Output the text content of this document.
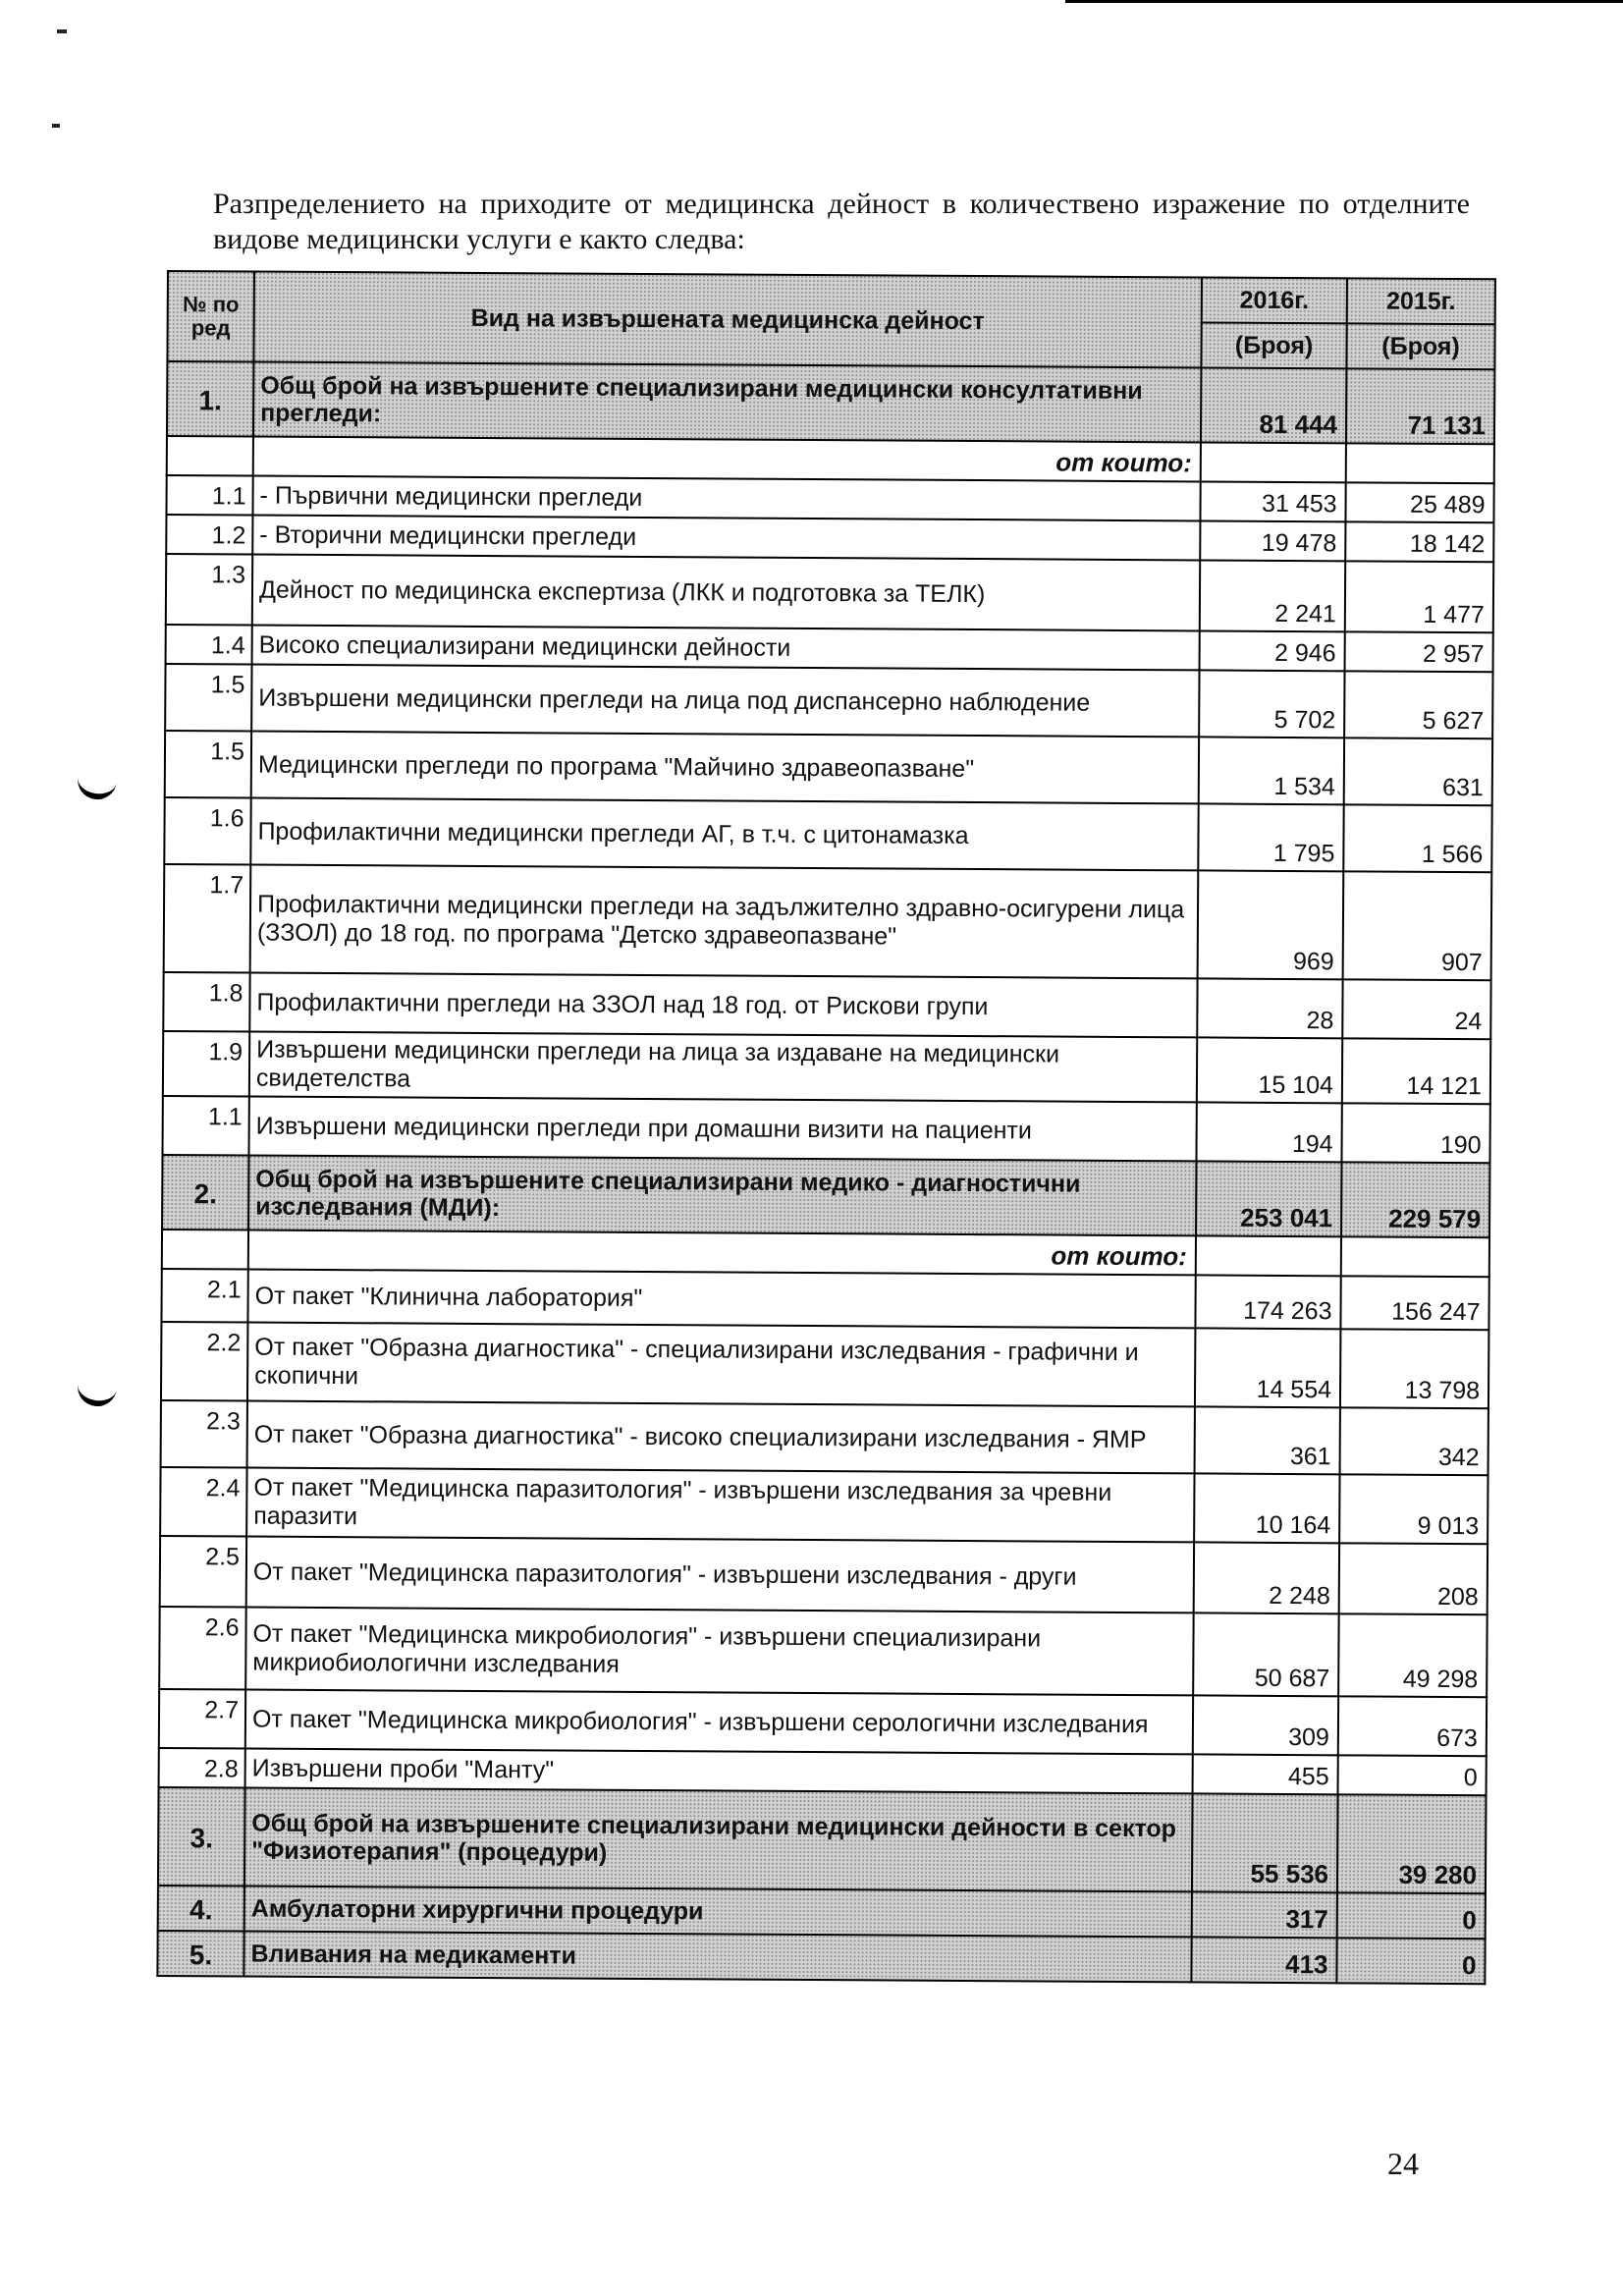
Разпределението на приходите от медицинска дейност в количествено изражение по отделните видове медицински услуги е както следва:

№ по ред	Вид на извършената медицинска дейност	2016г.	2015г.
		(Броя)	(Броя)
1.	Общ брой на извършените специализирани медицински консултативни прегледи:	81 444	71 131
	от които:		
1.1	- Първични медицински прегледи	31 453	25 489
1.2	- Вторични медицински прегледи	19 478	18 142
1.3	Дейност по медицинска експертиза (ЛКК и подготовка за ТЕЛК)	2 241	1 477
1.4	Високо специализирани медицински дейности	2 946	2 957
1.5	Извършени медицински прегледи на лица под диспансерно наблюдение	5 702	5 627
1.5	Медицински прегледи по програма "Майчино здравеопазване"	1 534	631
1.6	Профилактични медицински прегледи АГ, в т.ч. с цитонамазка	1 795	1 566
1.7	Профилактични медицински прегледи на задължително здравно-осигурени лица (ЗЗОЛ) до 18 год. по програма "Детско здравеопазване"	969	907
1.8	Профилактични прегледи на ЗЗОЛ над 18 год. от Рискови групи	28	24
1.9	Извършени медицински прегледи на лица за издаване на медицински свидетелства	15 104	14 121
1.1	Извършени медицински прегледи при домашни визити на пациенти	194	190
2.	Общ брой на извършените специализирани медико - диагностични изследвания (МДИ):	253 041	229 579
	от които:		
2.1	От пакет "Клинична лаборатория"	174 263	156 247
2.2	От пакет "Образна диагностика" - специализирани изследвания - графични и скопични	14 554	13 798
2.3	От пакет "Образна диагностика" - високо специализирани изследвания - ЯМР	361	342
2.4	От пакет "Медицинска паразитология" - извършени изследвания за чревни паразити	10 164	9 013
2.5	От пакет "Медицинска паразитология" - извършени изследвания - други	2 248	208
2.6	От пакет "Медицинска микробиология" - извършени специализирани микриобиологични изследвания	50 687	49 298
2.7	От пакет "Медицинска микробиология" - извършени серологични изследвания	309	673
2.8	Извършени проби "Манту"	455	0
3.	Общ брой на извършените специализирани медицински дейности в сектор "Физиотерапия" (процедури)	55 536	39 280
4.	Амбулаторни хирургични процедури	317	0
5.	Вливания на медикаменти	413	0
24
